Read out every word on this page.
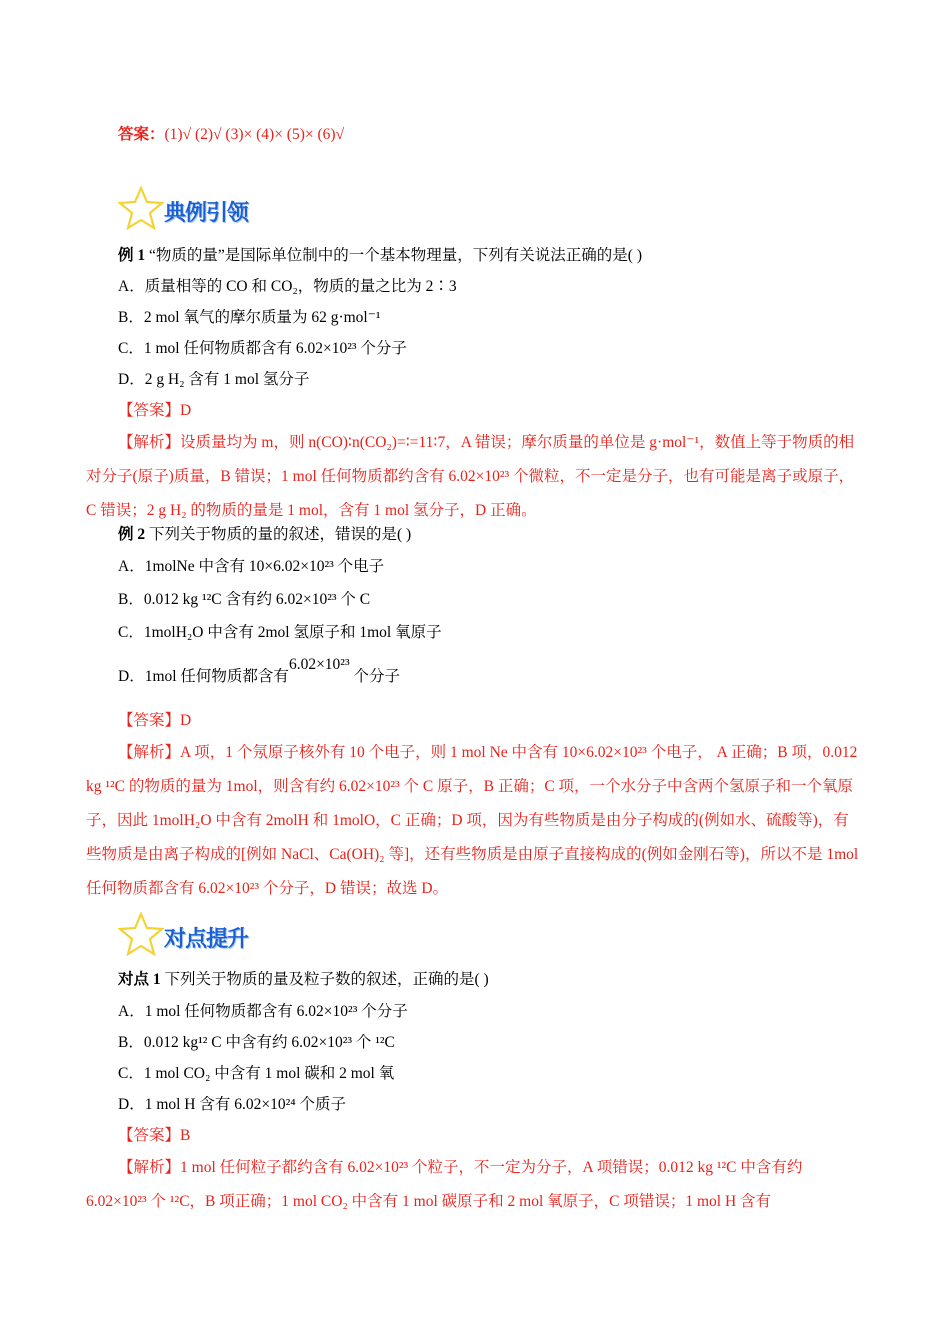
答案：(1)√ (2)√ (3)× (4)× (5)× (6)√
典例引领
例 1 “物质的量”是国际单位制中的一个基本物理量，下列有关说法正确的是( )
A．质量相等的 CO 和 CO₂，物质的量之比为 2∶3
B．2 mol 氧气的摩尔质量为 62 g·mol⁻¹
C．1 mol 任何物质都含有 6.02×10²³ 个分子
D．2 g H₂ 含有 1 mol 氢分子
【答案】D
【解析】设质量均为 m，则 n(CO)∶n(CO₂)=∶=11∶7，A 错误；摩尔质量的单位是 g·mol⁻¹，数值上等于物质的相对分子(原子)质量，B 错误；1 mol 任何物质都约含有 6.02×10²³ 个微粒，不一定是分子，也有可能是离子或原子，C 错误；2 g H₂ 的物质的量是 1 mol，含有 1 mol 氢分子，D 正确。
例 2 下列关于物质的量的叙述，错误的是( )
A．1molNe 中含有 10×6.02×10²³ 个电子
B．0.012 kg ¹²C 含有约 6.02×10²³ 个 C
C．1molH₂O 中含有 2mol 氢原子和 1mol 氧原子
D．1mol 任何物质都含有6.02×10²³ 个分子
【答案】D
【解析】A 项，1 个氖原子核外有 10 个电子，则 1 mol Ne 中含有 10×6.02×10²³ 个电子， A 正确；B 项，0.012 kg ¹²C 的物质的量为 1mol，则含有约 6.02×10²³ 个 C 原子，B 正确；C 项，一个水分子中含两个氢原子和一个氧原子，因此 1molH₂O 中含有 2molH 和 1molO，C 正确；D 项，因为有些物质是由分子构成的(例如水、硫酸等)，有些物质是由离子构成的[例如 NaCl、Ca(OH)₂ 等]，还有些物质是由原子直接构成的(例如金刚石等)，所以不是 1mol 任何物质都含有 6.02×10²³ 个分子，D 错误；故选 D。
对点提升
对点 1 下列关于物质的量及粒子数的叙述，正确的是( )
A．1 mol 任何物质都含有 6.02×10²³ 个分子
B．0.012 kg¹² C 中含有约 6.02×10²³ 个 ¹²C
C．1 mol CO₂ 中含有 1 mol 碳和 2 mol 氧
D．1 mol H 含有 6.02×10²⁴ 个质子
【答案】B
【解析】1 mol 任何粒子都约含有 6.02×10²³ 个粒子，不一定为分子，A 项错误；0.012 kg ¹²C 中含有约 6.02×10²³ 个 ¹²C，B 项正确；1 mol CO₂ 中含有 1 mol 碳原子和 2 mol 氧原子，C 项错误；1 mol H 含有
